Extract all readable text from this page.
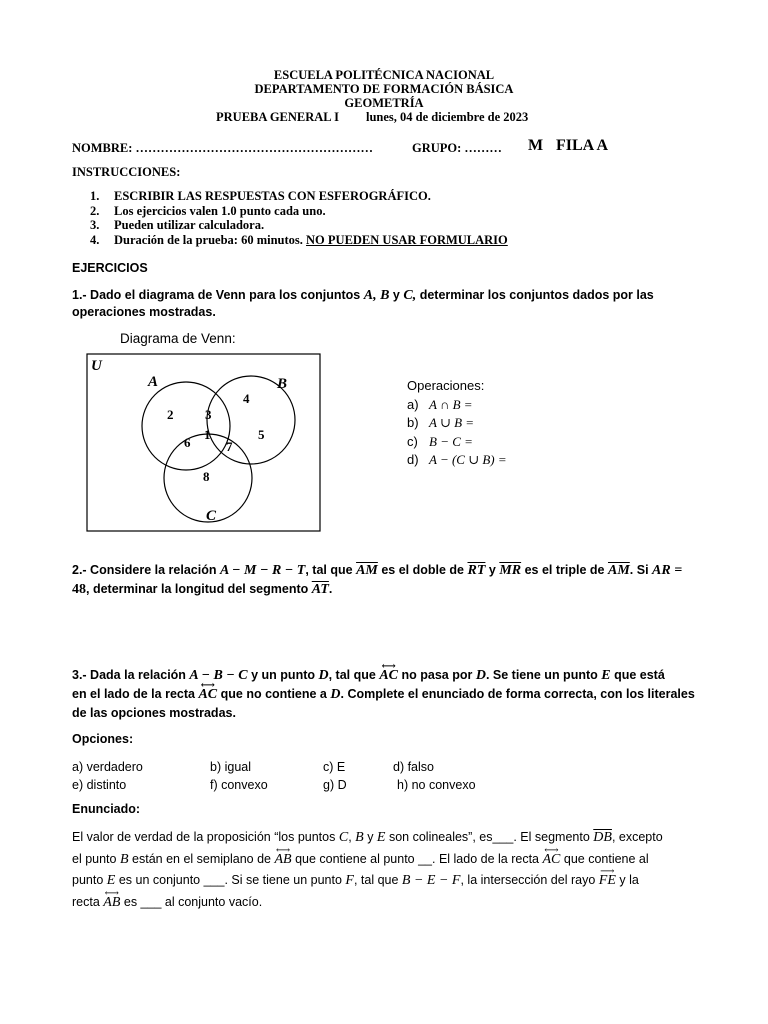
ESCUELA POLITÉCNICA NACIONAL
DEPARTAMENTO DE FORMACIÓN BÁSICA
GEOMETRÍA
PRUEBA GENERAL I lunes, 04 de diciembre de 2023
NOMBRE: …………………………………………………	GRUPO: ……… M FILA A
INSTRUCCIONES:
1. ESCRIBIR LAS RESPUESTAS CON ESFEROGRÁFICO.
2. Los ejercicios valen 1.0 punto cada uno.
3. Pueden utilizar calculadora.
4. Duración de la prueba: 60 minutos. NO PUEDEN USAR FORMULARIO
EJERCICIOS
1.- Dado el diagrama de Venn para los conjuntos A, B y C, determinar los conjuntos dados por las
operaciones mostradas.
Diagrama de Venn:
U
A	B
C
2 3
4
1
6	7
5
8
Operaciones:
a) A ∩ B =
b) A ∪ B =
c) B − C =
d) A − (C ∪ B) =
2.- Considere la relación A − M − R − T, tal que $\overline{AM}$ es el doble de $\overline{RT}$ y $\overline{MR}$ es el triple de $\overline{AM}$. Si AR =
48, determinar la longitud del segmento $\overline{AT}$.
3.- Dada la relación A − B − C y un punto D, tal que ⟷ AC no pasa por D. Se tiene un punto E que está
en el lado de la recta ⟷ AC que no contiene a D. Complete el enunciado de forma correcta, con los literales
de las opciones mostradas.
Opciones:
a) verdadero	b) igual	c) E	d) falso
e) distinto	f) convexo	g) D	h) no convexo
Enunciado:
El valor de verdad de la proposición “los puntos C, B y E son colineales”, es___. El segmento $\overline{DB}$, excepto
el punto B están en el semiplano de ⟷ AB que contiene al punto __. El lado de la recta ⟷ AC que contiene al
punto E es un conjunto ___. Si se tiene un punto F, tal que B − E − F, la intersección del rayo ⟶ FE y la
recta ⟷ AB es ___ al conjunto vacío.
